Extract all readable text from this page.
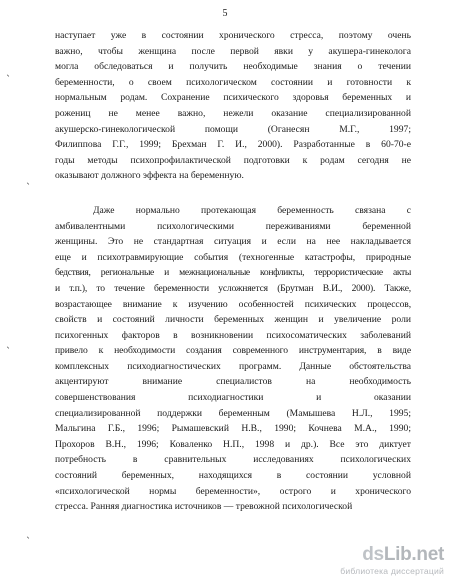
5
наступает уже в состоянии хронического стресса, поэтому очень
важно, чтобы женщина после первой явки у акушера-гинеколога
могла обследоваться и получить необходимые знания о течении
беременности, о своем психологическом состоянии и готовности к
нормальным родам. Сохранение психического здоровья беременных и
рожениц не менее важно, нежели оказание специализированной
акушерско-гинекологической помощи (Оганесян М.Г., 1997;
Филиппова Г.Г., 1999; Брехман Г. И., 2000). Разработанные в 60-70-е
годы методы психопрофилактической подготовки к родам сегодня не
оказывают должного эффекта на беременную.
Даже нормально протекающая беременность связана с
амбивалентными психологическими переживаниями беременной
женщины. Это не стандартная ситуация и если на нее накладывается
еще и психотравмирующие события (техногенные катастрофы, природные
бедствия, региональные и межнациональные конфликты, террористические акты
и т.п.), то течение беременности усложняется (Брутман В.И., 2000). Также,
возрастающее внимание к изучению особенностей психических процессов,
свойств и состояний личности беременных женщин и увеличение роли
психогенных факторов в возникновении психосоматических заболеваний
привело к необходимости создания современного инструментария, в виде
комплексных психодиагностических программ. Данные обстоятельства
акцентируют внимание специалистов на необходимость
совершенствования психодиагностики и оказании
специализированной поддержки беременным (Мамышева Н.Л., 1995;
Мальгина Г.Б., 1996; Рымашевский Н.В., 1990; Кочнева М.А., 1990;
Прохоров В.Н., 1996; Коваленко Н.П., 1998 и др.). Все это диктует
потребность в сравнительных исследованиях психологических
состояний беременных, находящихся в состоянии условной
«психологической нормы беременности», острого и хронического
стресса. Ранняя диагностика источников — тревожной психологической
ˎ
ˎ
ˎ
ˎ
dsLib.net
библиотека диссертаций
